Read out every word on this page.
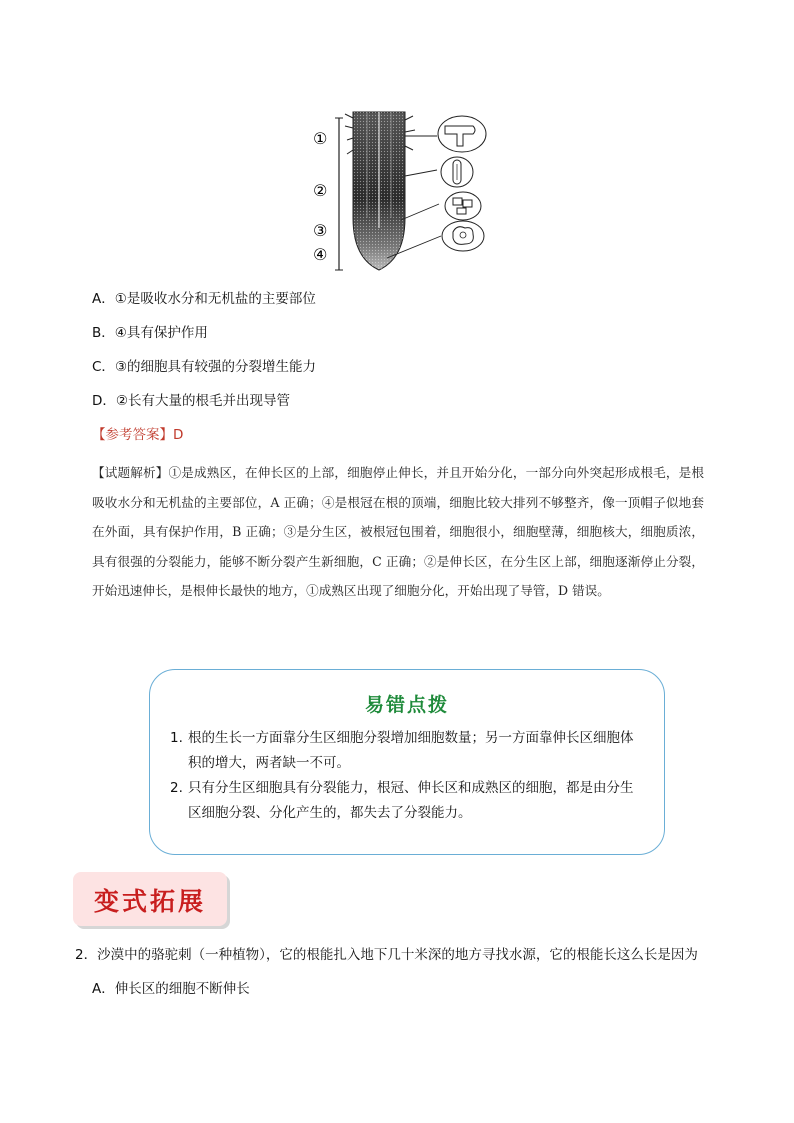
①
②
③
④
A．①是吸收水分和无机盐的主要部位
B．④具有保护作用
C．③的细胞具有较强的分裂增生能力
D．②长有大量的根毛并出现导管
【参考答案】D
【试题解析】①是成熟区，在伸长区的上部，细胞停止伸长，并且开始分化，一部分向外突起形成根毛，是根吸收水分和无机盐的主要部位，A 正确；④是根冠在根的顶端，细胞比较大排列不够整齐，像一顶帽子似地套在外面，具有保护作用，B 正确；③是分生区，被根冠包围着，细胞很小，细胞壁薄，细胞核大，细胞质浓，具有很强的分裂能力，能够不断分裂产生新细胞，C 正确；②是伸长区，在分生区上部，细胞逐渐停止分裂，开始迅速伸长，是根伸长最快的地方，①成熟区出现了细胞分化，开始出现了导管，D 错误。
易错点拨
1. 根的生长一方面靠分生区细胞分裂增加细胞数量；另一方面靠伸长区细胞体积的增大，两者缺一不可。
2. 只有分生区细胞具有分裂能力，根冠、伸长区和成熟区的细胞，都是由分生区细胞分裂、分化产生的，都失去了分裂能力。
变式拓展
2．沙漠中的骆驼刺（一种植物），它的根能扎入地下几十米深的地方寻找水源，它的根能长这么长是因为
A．伸长区的细胞不断伸长
